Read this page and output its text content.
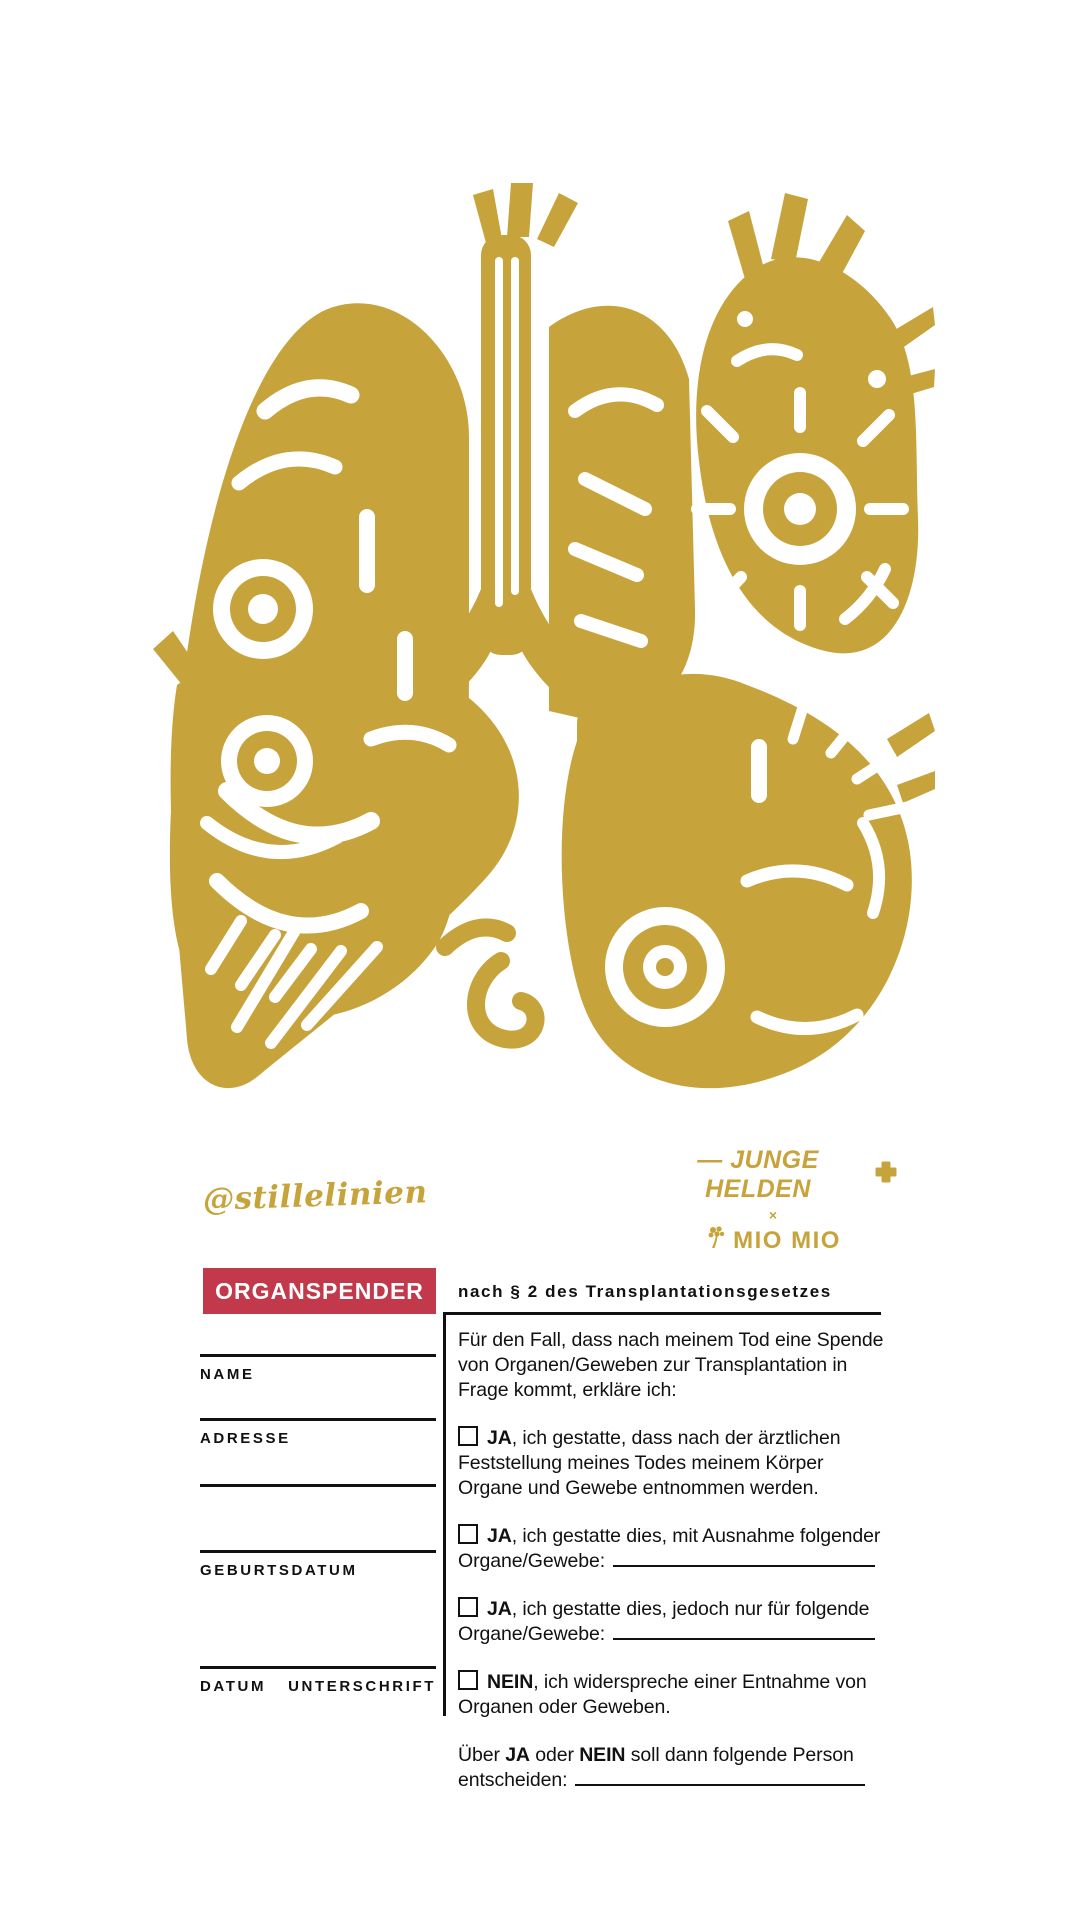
@stillelinien
— JUNGE HELDEN
×
MIO MIO
ORGANSPENDER	nach § 2 des Transplantationsgesetzes
NAME
ADRESSE
GEBURTSDATUM
DATUM UNTERSCHRIFT

Für den Fall, dass nach meinem Tod eine Spende von Organen/Geweben zur Transplantation in Frage kommt, erkläre ich:

JA, ich gestatte, dass nach der ärztlichen Feststellung meines Todes meinem Körper Organe und Gewebe entnommen werden.

JA, ich gestatte dies, mit Ausnahme folgender Organe/Gewebe:

JA, ich gestatte dies, jedoch nur für folgende Organe/Gewebe:

NEIN, ich widerspreche einer Entnahme von Organen oder Geweben.

Über JA oder NEIN soll dann folgende Person entscheiden:
